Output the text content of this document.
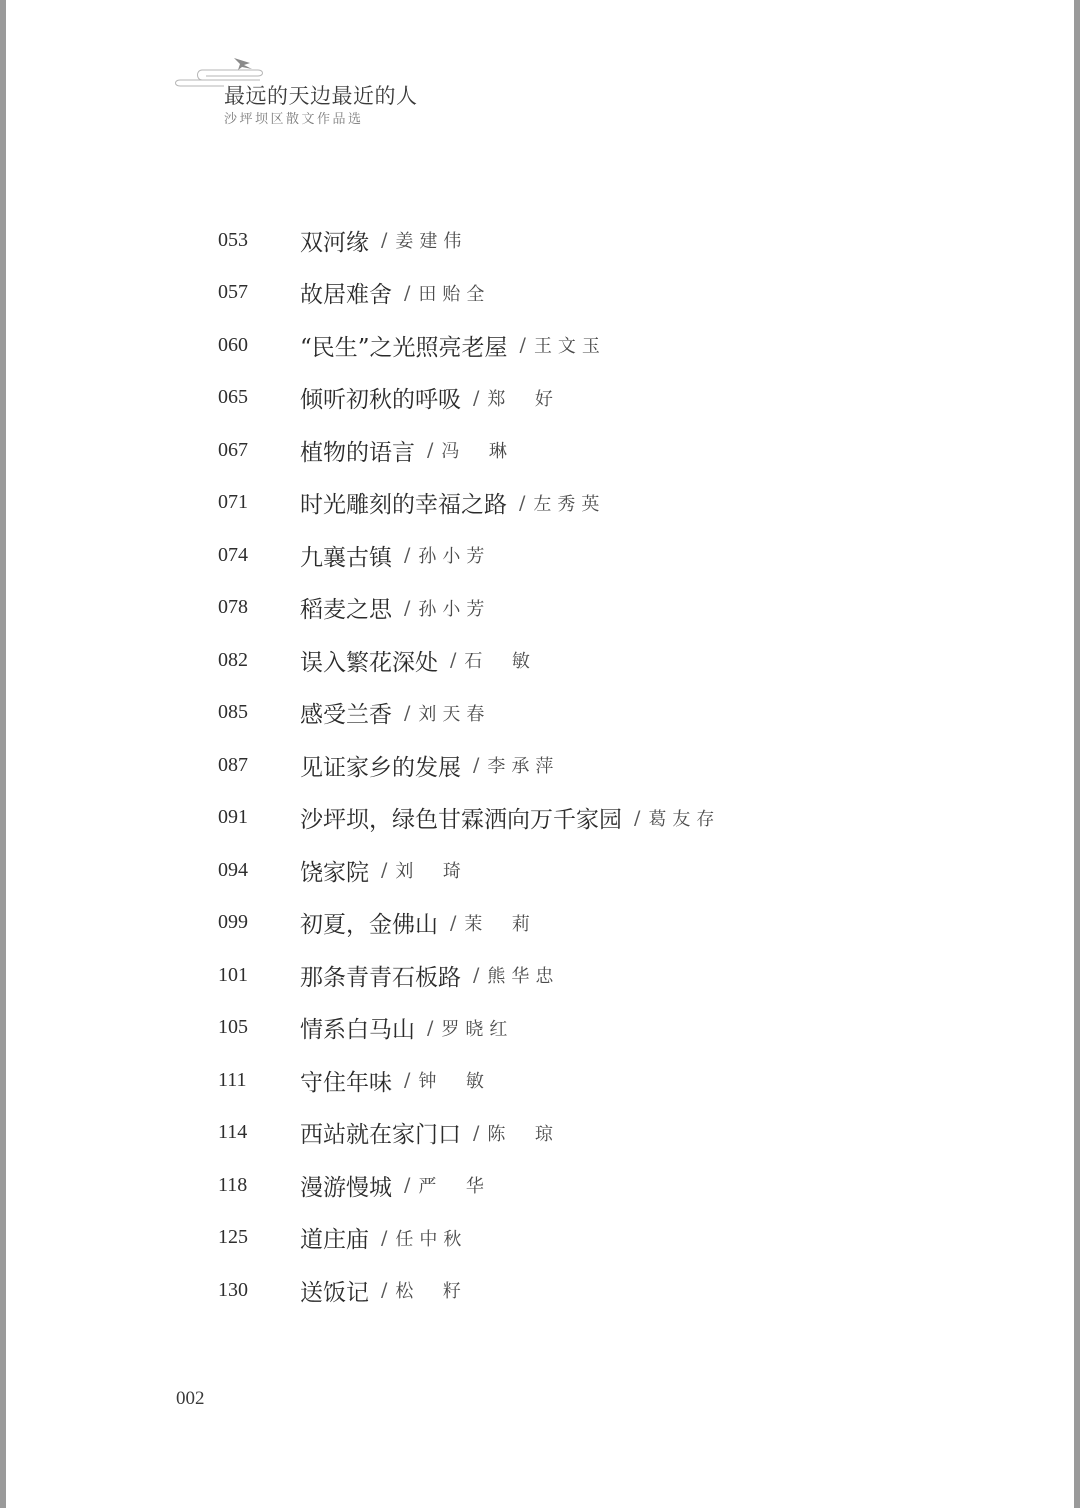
最远的天边最近的人
沙坪坝区散文作品选
053	双河缘 / 姜建伟
057	故居难舍 / 田贻全
060	“民生”之光照亮老屋 / 王文玉
065	倾听初秋的呼吸 / 郑  好
067	植物的语言 / 冯  琳
071	时光雕刻的幸福之路 / 左秀英
074	九襄古镇 / 孙小芳
078	稻麦之思 / 孙小芳
082	误入繁花深处 / 石  敏
085	感受兰香 / 刘天春
087	见证家乡的发展 / 李承萍
091	沙坪坝，绿色甘霖洒向万千家园 / 葛友存
094	饶家院 / 刘  琦
099	初夏，金佛山 / 茉  莉
101	那条青青石板路 / 熊华忠
105	情系白马山 / 罗晓红
111	守住年味 / 钟  敏
114	西站就在家门口 / 陈  琼
118	漫游慢城 / 严  华
125	道庄庙 / 任中秋
130	送饭记 / 松  籽
002
